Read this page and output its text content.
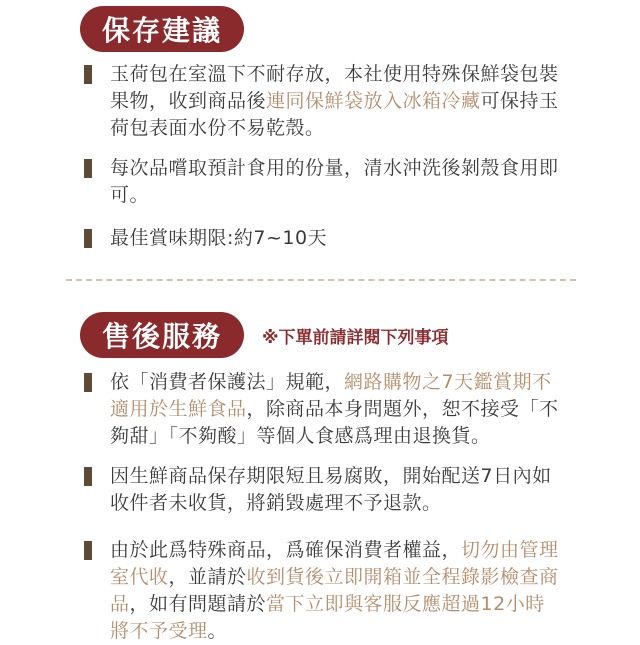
保存建議
玉荷包在室溫下不耐存放，本社使用特殊保鮮袋包裝果物，收到商品後連同保鮮袋放入冰箱冷藏可保持玉荷包表面水份不易乾殼。
每次品嚐取預計食用的份量，清水沖洗後剝殼食用即可。
最佳賞味期限:約7~10天
售後服務	※下單前請詳閱下列事項
依「消費者保護法」規範，網路購物之7天鑑賞期不適用於生鮮食品，除商品本身問題外，恕不接受「不夠甜」「不夠酸」等個人食感爲理由退換貨。
因生鮮商品保存期限短且易腐敗，開始配送7日內如收件者未收貨，將銷毀處理不予退款。
由於此爲特殊商品，爲確保消費者權益，切勿由管理室代收，並請於收到貨後立即開箱並全程錄影檢查商品，如有問題請於當下立即與客服反應超過12小時將不予受理。
